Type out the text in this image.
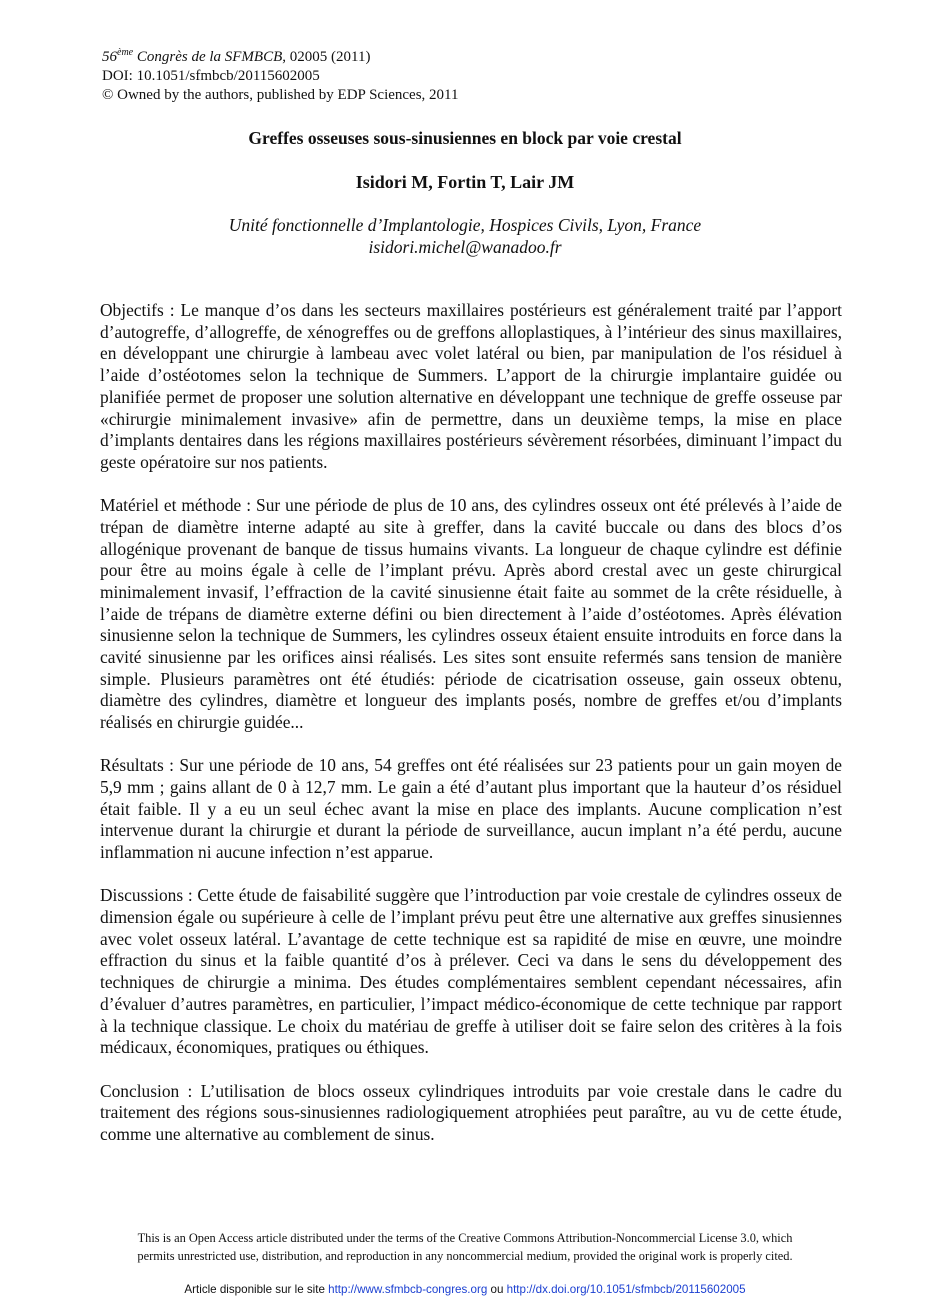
56ème Congrès de la SFMBCB, 02005 (2011)
DOI: 10.1051/sfmbcb/20115602005
© Owned by the authors, published by EDP Sciences, 2011
Greffes osseuses sous-sinusiennes en block par voie crestal
Isidori M, Fortin T, Lair JM
Unité fonctionnelle d’Implantologie, Hospices Civils, Lyon, France
isidori.michel@wanadoo.fr

Objectifs : Le manque d’os dans les secteurs maxillaires postérieurs est généralement traité par l’apport d’autogreffe, d’allogreffe, de xénogreffes ou de greffons alloplastiques, à l’intérieur des sinus maxillaires, en développant une chirurgie à lambeau avec volet latéral ou bien, par manipulation de l'os résiduel à l’aide d’ostéotomes selon la technique de Summers. L’apport de la chirurgie implantaire guidée ou planifiée permet de proposer une solution alternative en développant une technique de greffe osseuse par «chirurgie minimalement invasive» afin de permettre, dans un deuxième temps, la mise en place d’implants dentaires dans les régions maxillaires postérieurs sévèrement résorbées, diminuant l’impact du geste opératoire sur nos patients.

Matériel et méthode : Sur une période de plus de 10 ans, des cylindres osseux ont été prélevés à l’aide de trépan de diamètre interne adapté au site à greffer, dans la cavité buccale ou dans des blocs d’os allogénique provenant de banque de tissus humains vivants. La longueur de chaque cylindre est définie pour être au moins égale à celle de l’implant prévu. Après abord crestal avec un geste chirurgical minimalement invasif, l’effraction de la cavité sinusienne était faite au sommet de la crête résiduelle, à l’aide de trépans de diamètre externe défini ou bien directement à l’aide d’ostéotomes. Après élévation sinusienne selon la technique de Summers, les cylindres osseux étaient ensuite introduits en force dans la cavité sinusienne par les orifices ainsi réalisés. Les sites sont ensuite refermés sans tension de manière simple. Plusieurs paramètres ont été étudiés: période de cicatrisation osseuse, gain osseux obtenu, diamètre des cylindres, diamètre et longueur des implants posés, nombre de greffes et/ou d’implants réalisés en chirurgie guidée...

Résultats : Sur une période de 10 ans, 54 greffes ont été réalisées sur 23 patients pour un gain moyen de 5,9 mm ; gains allant de 0 à 12,7 mm. Le gain a été d’autant plus important que la hauteur d’os résiduel était faible. Il y a eu un seul échec avant la mise en place des implants. Aucune complication n’est intervenue durant la chirurgie et durant la période de surveillance, aucun implant n’a été perdu, aucune inflammation ni aucune infection n’est apparue.

Discussions : Cette étude de faisabilité suggère que l’introduction par voie crestale de cylindres osseux de dimension égale ou supérieure à celle de l’implant prévu peut être une alternative aux greffes sinusiennes avec volet osseux latéral. L’avantage de cette technique est sa rapidité de mise en œuvre, une moindre effraction du sinus et la faible quantité d’os à prélever. Ceci va dans le sens du développement des techniques de chirurgie a minima. Des études complémentaires semblent cependant nécessaires, afin d’évaluer d’autres paramètres, en particulier, l’impact médico-économique de cette technique par rapport à la technique classique. Le choix du matériau de greffe à utiliser doit se faire selon des critères à la fois médicaux, économiques, pratiques ou éthiques.

Conclusion : L’utilisation de blocs osseux cylindriques introduits par voie crestale dans le cadre du traitement des régions sous-sinusiennes radiologiquement atrophiées peut paraître, au vu de cette étude, comme une alternative au comblement de sinus.

This is an Open Access article distributed under the terms of the Creative Commons Attribution-Noncommercial License 3.0, which
permits unrestricted use, distribution, and reproduction in any noncommercial medium, provided the original work is properly cited.
Article disponible sur le site http://www.sfmbcb-congres.org ou http://dx.doi.org/10.1051/sfmbcb/20115602005
